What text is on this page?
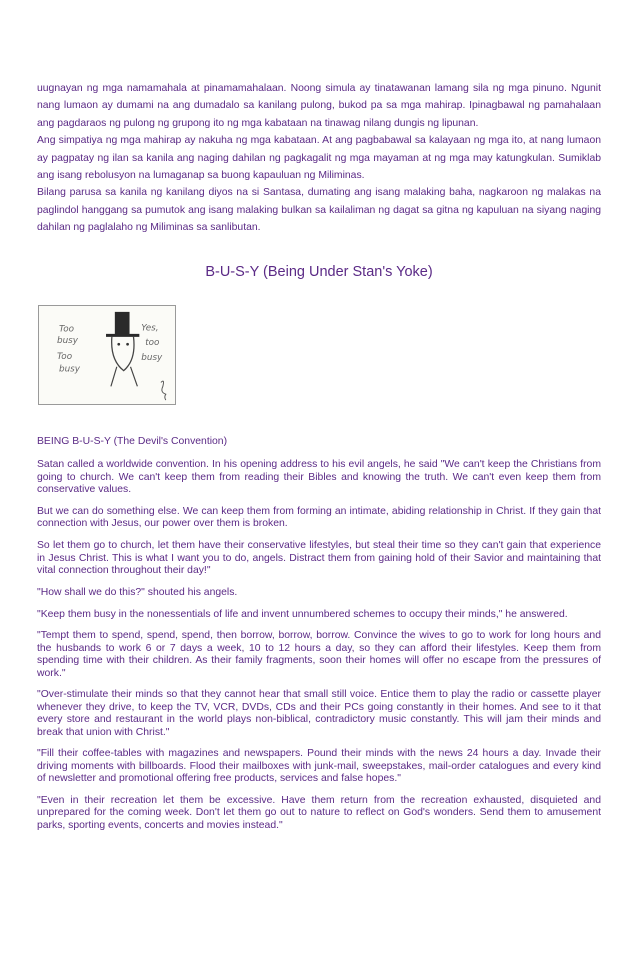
uugnayan ng mga namamahala at pinamamahalaan. Noong simula ay tinatawanan lamang sila ng mga pinuno. Ngunit nang lumaon ay dumami na ang dumadalo sa kanilang pulong, bukod pa sa mga mahirap. Ipinagbawal ng pamahalaan ang pagdaraos ng pulong ng grupong ito ng mga kabataan na tinawag nilang dungis ng lipunan.

Ang simpatiya ng mga mahirap ay nakuha ng mga kabataan. At ang pagbabawal sa kalayaan ng mga ito, at nang lumaon ay pagpatay ng ilan sa kanila ang naging dahilan ng pagkagalit ng mga mayaman at ng mga may katungkulan. Sumiklab ang isang rebolusyon na lumaganap sa buong kapauluan ng Miliminas.

Bilang parusa sa kanila ng kanilang diyos na si Santasa, dumating ang isang malaking baha, nagkaroon ng malakas na paglindol hanggang sa pumutok ang isang malaking bulkan sa kailaliman ng dagat sa gitna ng kapuluan na siyang naging dahilan ng paglalaho ng Miliminas sa sanlibutan.

B-U-S-Y (Being Under Stan's Yoke)
Too
busy
Too
busy
Yes,
too
busy

BEING B-U-S-Y (The Devil's Convention)

Satan called a worldwide convention. In his opening address to his evil angels, he said "We can't keep the Christians from going to church. We can't keep them from reading their Bibles and knowing the truth. We can't even keep them from conservative values.

But we can do something else. We can keep them from forming an intimate, abiding relationship in Christ. If they gain that connection with Jesus, our power over them is broken.

So let them go to church, let them have their conservative lifestyles, but steal their time so they can't gain that experience in Jesus Christ. This is what I want you to do, angels. Distract them from gaining hold of their Savior and maintaining that vital connection throughout their day!"

"How shall we do this?" shouted his angels.

"Keep them busy in the nonessentials of life and invent unnumbered schemes to occupy their minds," he answered.

"Tempt them to spend, spend, spend, then borrow, borrow, borrow. Convince the wives to go to work for long hours and the husbands to work 6 or 7 days a week, 10 to 12 hours a day, so they can afford their lifestyles. Keep them from spending time with their children. As their family fragments, soon their homes will offer no escape from the pressures of work."

"Over-stimulate their minds so that they cannot hear that small still voice. Entice them to play the radio or cassette player whenever they drive, to keep the TV, VCR, DVDs, CDs and their PCs going constantly in their homes. And see to it that every store and restaurant in the world plays non-biblical, contradictory music constantly. This will jam their minds and break that union with Christ."

"Fill their coffee-tables with magazines and newspapers. Pound their minds with the news 24 hours a day. Invade their driving moments with billboards. Flood their mailboxes with junk-mail, sweepstakes, mail-order catalogues and every kind of newsletter and promotional offering free products, services and false hopes."

"Even in their recreation let them be excessive. Have them return from the recreation exhausted, disquieted and unprepared for the coming week. Don't let them go out to nature to reflect on God's wonders. Send them to amusement parks, sporting events, concerts and movies instead."
